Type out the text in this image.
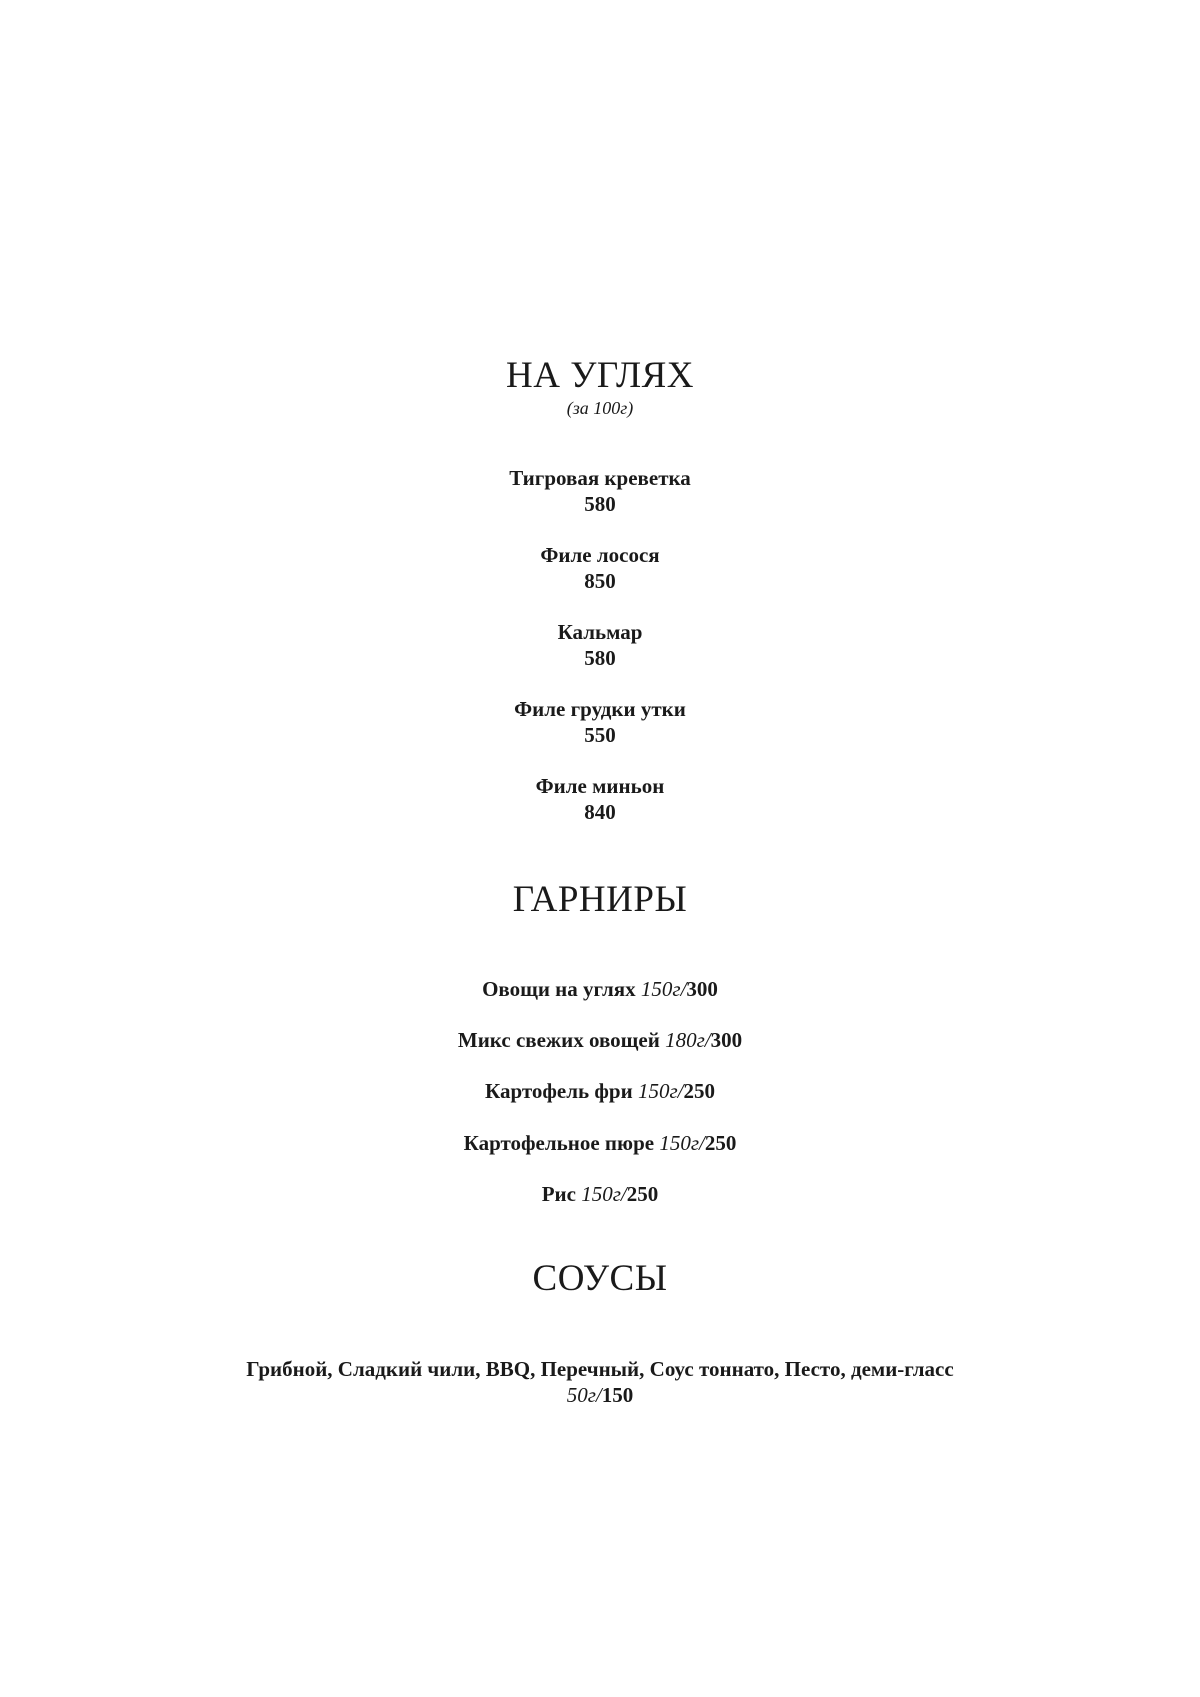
НА УГЛЯХ
(за 100г)
Тигровая креветка
580
Филе лосося
850
Кальмар
580
Филе грудки утки
550
Филе миньон
840
ГАРНИРЫ
Овощи на углях 150г/300
Микс свежих овощей 180г/300
Картофель фри 150г/250
Картофельное пюре 150г/250
Рис 150г/250
СОУСЫ
Грибной, Сладкий чили, BBQ, Перечный, Соус тоннато, Песто, деми-гласс
50г/150
